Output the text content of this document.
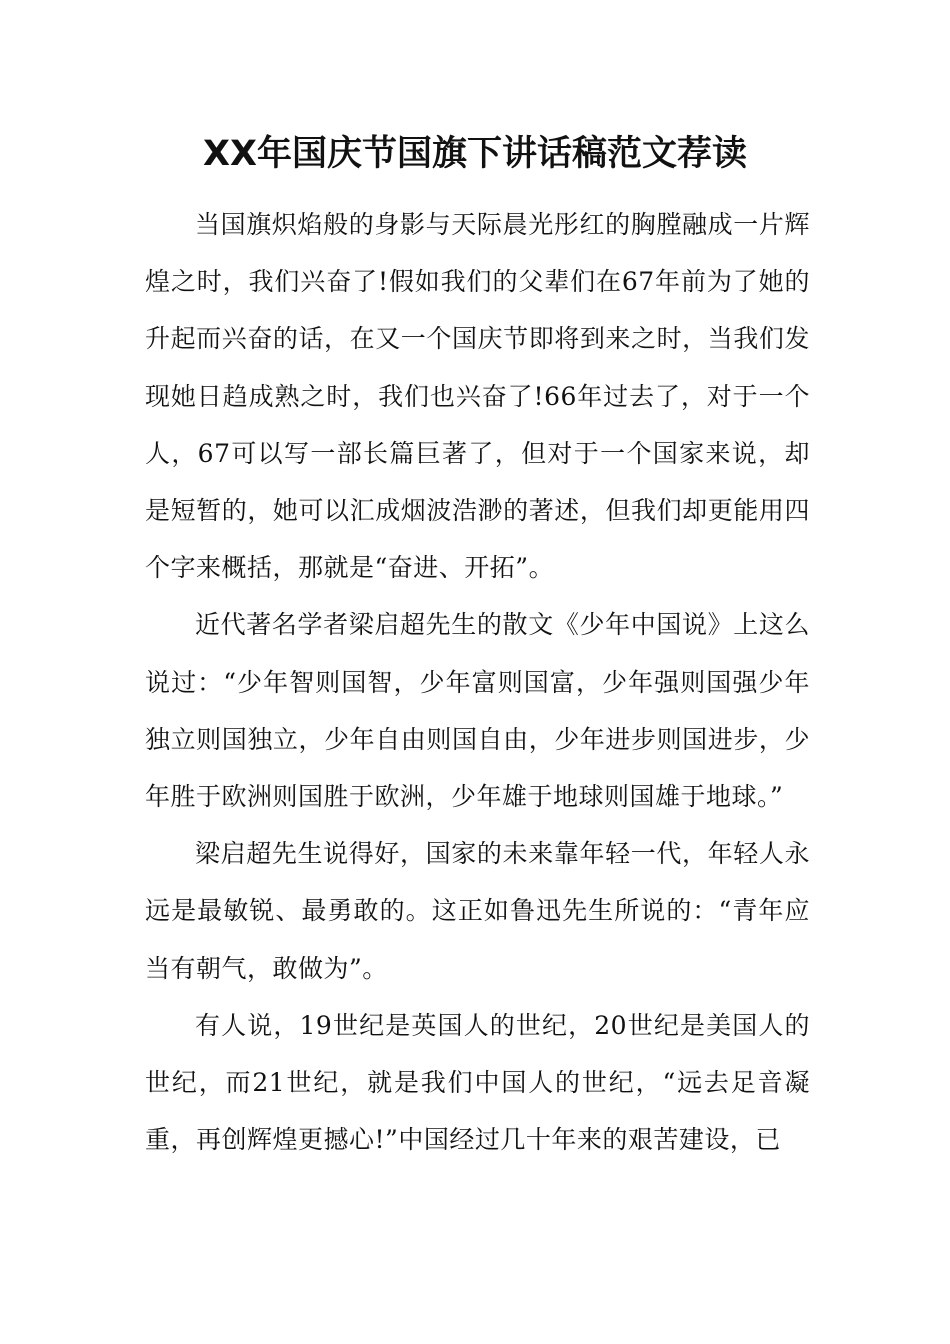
XX年国庆节国旗下讲话稿范文荐读

当国旗炽焰般的身影与天际晨光彤红的胸膛融成一片辉煌之时，我们兴奋了!假如我们的父辈们在67年前为了她的升起而兴奋的话，在又一个国庆节即将到来之时，当我们发现她日趋成熟之时，我们也兴奋了!66年过去了，对于一个人，67可以写一部长篇巨著了，但对于一个国家来说，却是短暂的，她可以汇成烟波浩渺的著述，但我们却更能用四个字来概括，那就是“奋进、开拓”。

近代著名学者梁启超先生的散文《少年中国说》上这么说过：“少年智则国智，少年富则国富，少年强则国强少年独立则国独立，少年自由则国自由，少年进步则国进步，少年胜于欧洲则国胜于欧洲，少年雄于地球则国雄于地球。”

梁启超先生说得好，国家的未来靠年轻一代，年轻人永远是最敏锐、最勇敢的。这正如鲁迅先生所说的：“青年应当有朝气，敢做为”。

有人说，19世纪是英国人的世纪，20世纪是美国人的世纪，而21世纪，就是我们中国人的世纪，“远去足音凝重，再创辉煌更撼心!”中国经过几十年来的艰苦建设，已
